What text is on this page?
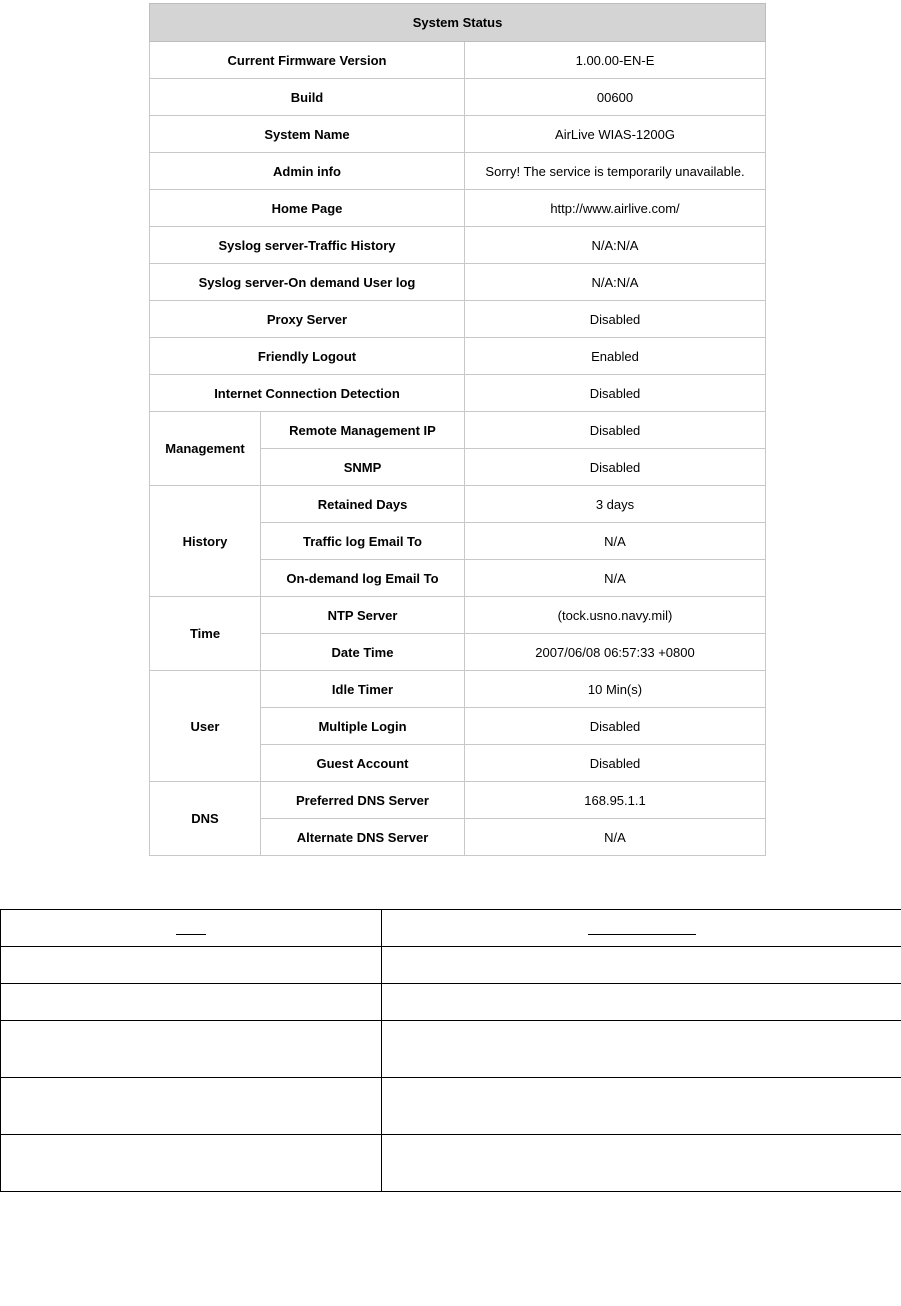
System Status		
Current Firmware Version		1.00.00-EN-E
Build		00600
System Name		AirLive WIAS-1200G
Admin info		Sorry! The service is temporarily unavailable.
Home Page		http://www.airlive.com/
Syslog server-Traffic History		N/A:N/A
Syslog server-On demand User log		N/A:N/A
Proxy Server		Disabled
Friendly Logout		Enabled
Internet Connection Detection		Disabled
Management	Remote Management IP	Disabled
	SNMP	Disabled
History	Retained Days	3 days
	Traffic log Email To	N/A
	On-demand log Email To	N/A
Time	NTP Server	(tock.usno.navy.mil)
	Date Time	2007/06/08 06:57:33 +0800
User	Idle Timer	10 Min(s)
	Multiple Login	Disabled
	Guest Account	Disabled
DNS	Preferred DNS Server	168.95.1.1
	Alternate DNS Server	N/A
